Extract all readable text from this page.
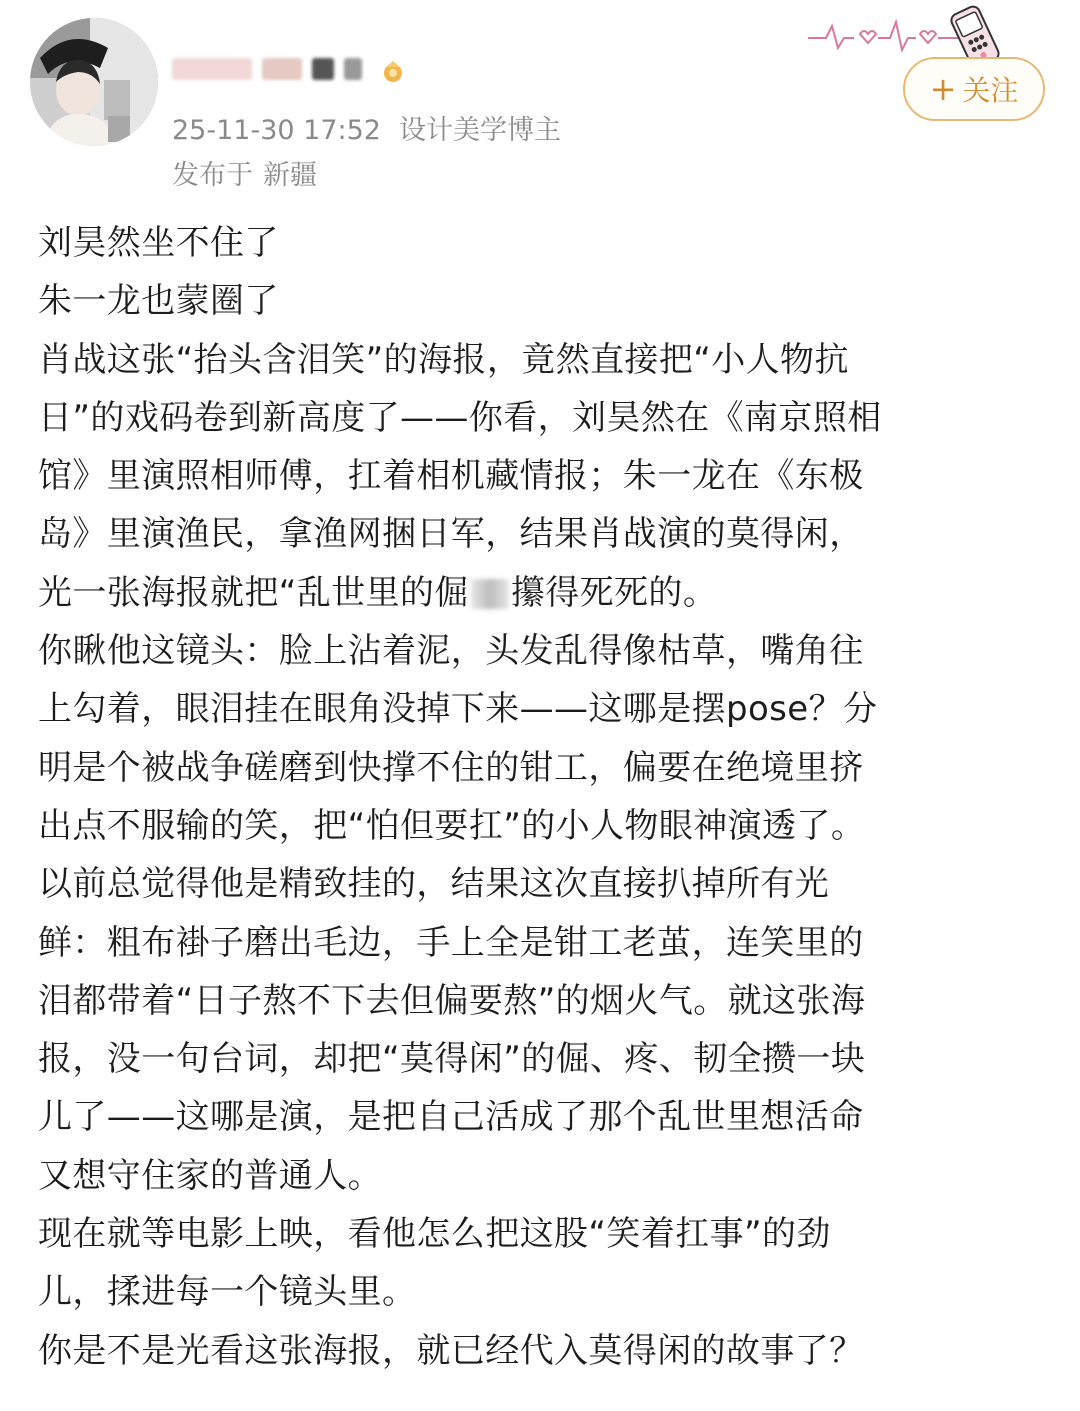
25-11-30 17:52 设计美学博主
发布于 新疆
+ 关注
刘昊然坐不住了
朱一龙也蒙圈了
肖战这张“抬头含泪笑”的海报，竟然直接把“小人物抗
日”的戏码卷到新高度了——你看，刘昊然在《南京照相
馆》里演照相师傅，扛着相机藏情报；朱一龙在《东极
岛》里演渔民，拿渔网捆日军，结果肖战演的莫得闲，
光一张海报就把“乱世里的倔 攥得死死的。
你瞅他这镜头：脸上沾着泥，头发乱得像枯草，嘴角往
上勾着，眼泪挂在眼角没掉下来——这哪是摆pose？分
明是个被战争磋磨到快撑不住的钳工，偏要在绝境里挤
出点不服输的笑，把“怕但要扛”的小人物眼神演透了。
以前总觉得他是精致挂的，结果这次直接扒掉所有光
鲜：粗布褂子磨出毛边，手上全是钳工老茧，连笑里的
泪都带着“日子熬不下去但偏要熬”的烟火气。就这张海
报，没一句台词，却把“莫得闲”的倔、疼、韧全攒一块
儿了——这哪是演，是把自己活成了那个乱世里想活命
又想守住家的普通人。
现在就等电影上映，看他怎么把这股“笑着扛事”的劲
儿，揉进每一个镜头里。
你是不是光看这张海报，就已经代入莫得闲的故事了？
